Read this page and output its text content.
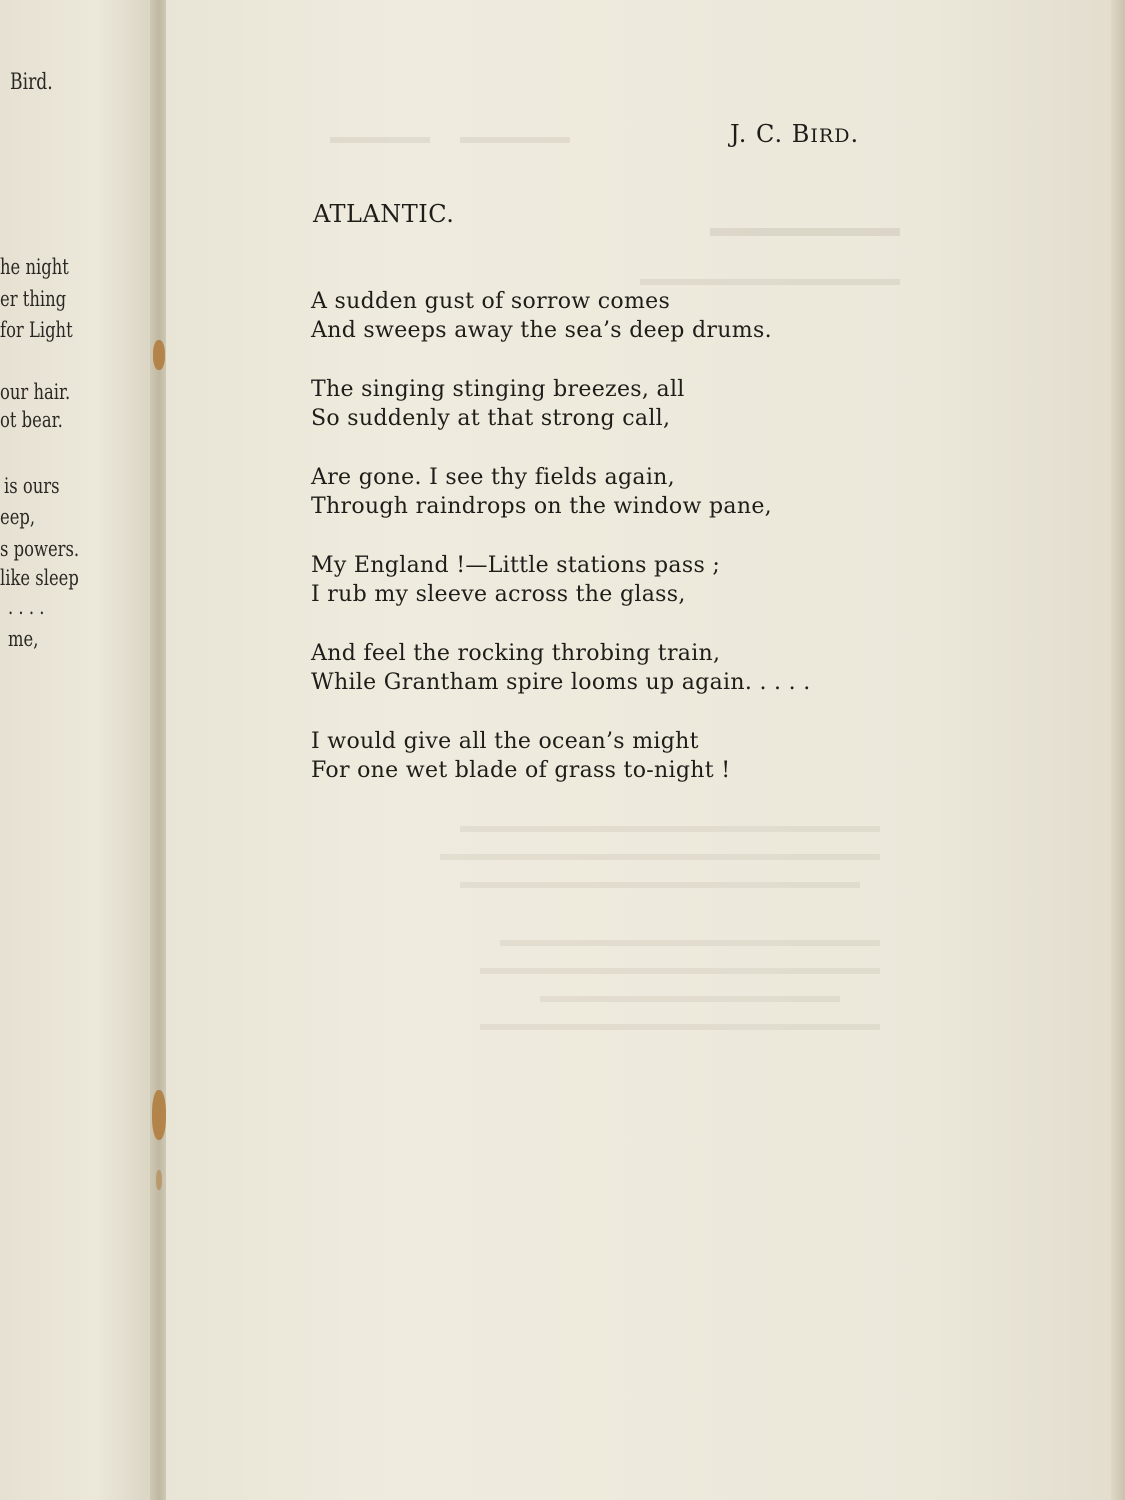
Bird.
he night
er thing
for Light
our hair.
ot bear.
is ours
eep,
s powers.
like sleep
. . . .
me,
J. C. BIRD.
ATLANTIC.
A sudden gust of sorrow comes
And sweeps away the sea’s deep drums.
The singing stinging breezes, all
So suddenly at that strong call,
Are gone. I see thy fields again,
Through raindrops on the window pane,
My England !—Little stations pass ;
I rub my sleeve across the glass,
And feel the rocking throbing train,
While Grantham spire looms up again. . . . .
I would give all the ocean’s might
For one wet blade of grass to-night !
